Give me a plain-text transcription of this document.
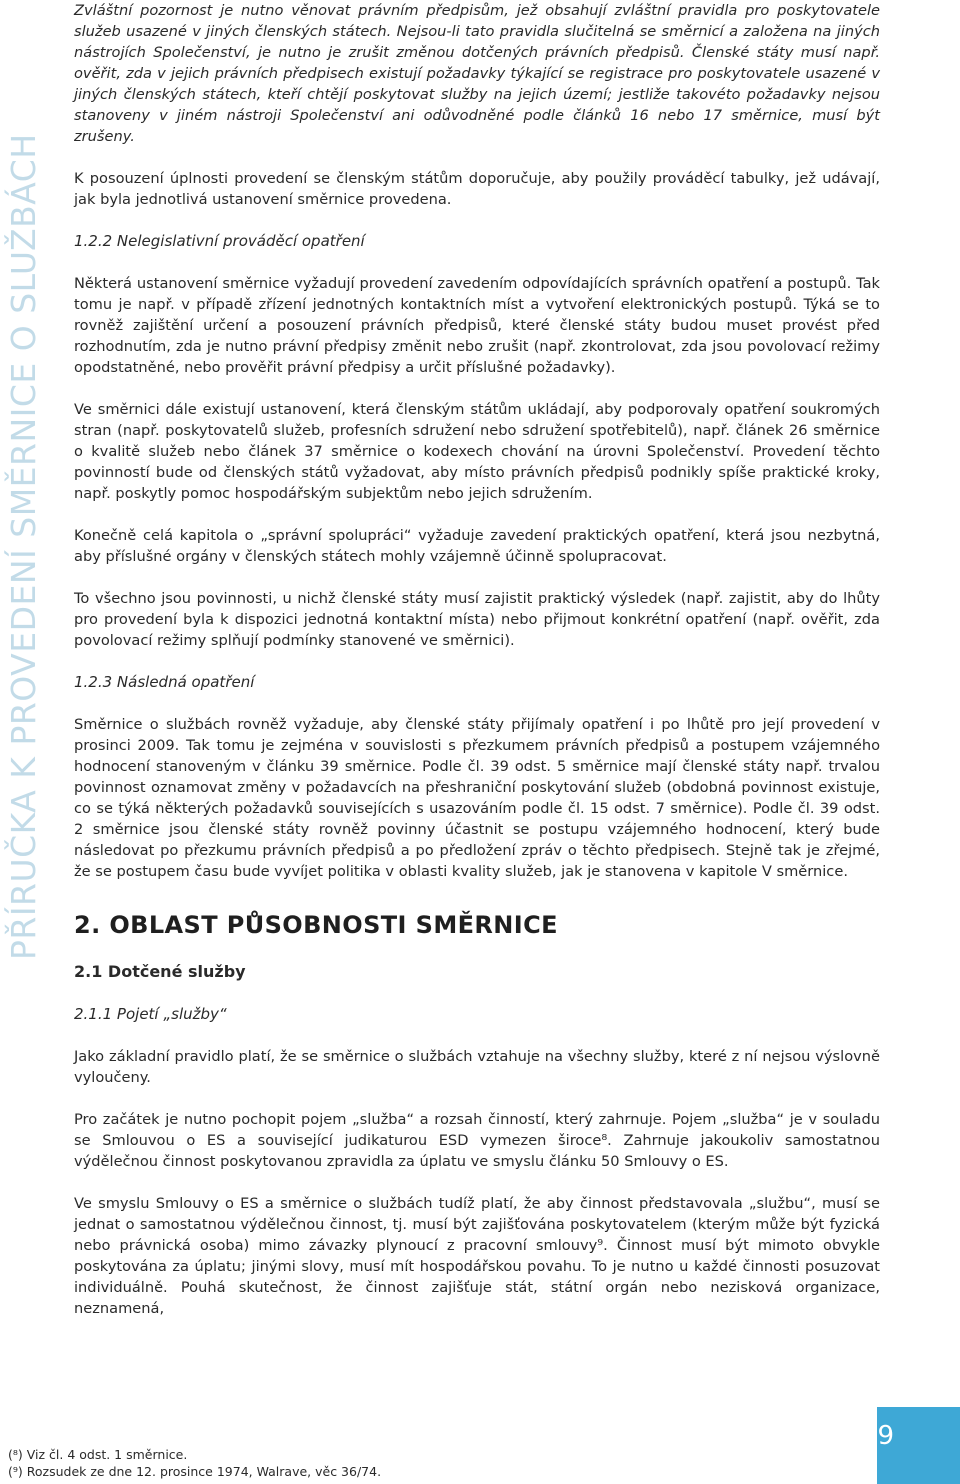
PŘÍRUČKA K PROVEDENÍ SMĚRNICE O SLUŽBÁCH

Zvláštní pozornost je nutno věnovat právním předpisům, jež obsahují zvláštní pravidla pro poskytovatele služeb usazené v jiných členských státech. Nejsou-li tato pravidla slučitelná se směrnicí a založena na jiných nástrojích Společenství, je nutno je zrušit změnou dotčených právních předpisů. Členské státy musí např. ověřit, zda v jejich právních předpisech existují požadavky týkající se registrace pro poskytovatele usazené v jiných členských státech, kteří chtějí poskytovat služby na jejich území; jestliže takovéto požadavky nejsou stanoveny v jiném nástroji Společenství ani odůvodněné podle článků 16 nebo 17 směrnice, musí být zrušeny.

K posouzení úplnosti provedení se členským státům doporučuje, aby použily prováděcí tabulky, jež udávají, jak byla jednotlivá ustanovení směrnice provedena.

1.2.2 Nelegislativní prováděcí opatření

Některá ustanovení směrnice vyžadují provedení zavedením odpovídajících správních opatření a postupů. Tak tomu je např. v případě zřízení jednotných kontaktních míst a vytvoření elektronických postupů. Týká se to rovněž zajištění určení a posouzení právních předpisů, které členské státy budou muset provést před rozhodnutím, zda je nutno právní předpisy změnit nebo zrušit (např. zkontrolovat, zda jsou povolovací režimy opodstatněné, nebo prověřit právní předpisy a určit příslušné požadavky).

Ve směrnici dále existují ustanovení, která členským státům ukládají, aby podporovaly opatření soukromých stran (např. poskytovatelů služeb, profesních sdružení nebo sdružení spotřebitelů), např. článek 26 směrnice o kvalitě služeb nebo článek 37 směrnice o kodexech chování na úrovni Společenství. Provedení těchto povinností bude od členských států vyžadovat, aby místo právních předpisů podnikly spíše praktické kroky, např. poskytly pomoc hospodářským subjektům nebo jejich sdružením.

Konečně celá kapitola o „správní spolupráci“ vyžaduje zavedení praktických opatření, která jsou nezbytná, aby příslušné orgány v členských státech mohly vzájemně účinně spolupracovat.

To všechno jsou povinnosti, u nichž členské státy musí zajistit praktický výsledek (např. zajistit, aby do lhůty pro provedení byla k dispozici jednotná kontaktní místa) nebo přijmout konkrétní opatření (např. ověřit, zda povolovací režimy splňují podmínky stanovené ve směrnici).

1.2.3 Následná opatření

Směrnice o službách rovněž vyžaduje, aby členské státy přijímaly opatření i po lhůtě pro její provedení v prosinci 2009. Tak tomu je zejména v souvislosti s přezkumem právních předpisů a postupem vzájemného hodnocení stanoveným v článku 39 směrnice. Podle čl. 39 odst. 5 směrnice mají členské státy např. trvalou povinnost oznamovat změny v požadavcích na přeshraniční poskytování služeb (obdobná povinnost existuje, co se týká některých požadavků souvisejících s usazováním podle čl. 15 odst. 7 směrnice). Podle čl. 39 odst. 2 směrnice jsou členské státy rovněž povinny účastnit se postupu vzájemného hodnocení, který bude následovat po přezkumu právních předpisů a po předložení zpráv o těchto předpisech. Stejně tak je zřejmé, že se postupem času bude vyvíjet politika v oblasti kvality služeb, jak je stanovena v kapitole V směrnice.

2. OBLAST PŮSOBNOSTI SMĚRNICE
2.1 Dotčené služby
2.1.1 Pojetí „služby“

Jako základní pravidlo platí, že se směrnice o službách vztahuje na všechny služby, které z ní nejsou výslovně vyloučeny.

Pro začátek je nutno pochopit pojem „služba“ a rozsah činností, který zahrnuje. Pojem „služba“ je v souladu se Smlouvou o ES a související judikaturou ESD vymezen široce⁸. Zahrnuje jakoukoliv samostatnou výdělečnou činnost poskytovanou zpravidla za úplatu ve smyslu článku 50 Smlouvy o ES.

Ve smyslu Smlouvy o ES a směrnice o službách tudíž platí, že aby činnost představovala „službu“, musí se jednat o samostatnou výdělečnou činnost, tj. musí být zajišťována poskytovatelem (kterým může být fyzická nebo právnická osoba) mimo závazky plynoucí z pracovní smlouvy⁹. Činnost musí být mimoto obvykle poskytována za úplatu; jinými slovy, musí mít hospodářskou povahu. To je nutno u každé činnosti posuzovat individuálně. Pouhá skutečnost, že činnost zajišťuje stát, státní orgán nebo nezisková organizace, neznamená,

(⁸) Viz čl. 4 odst. 1 směrnice.
(⁹) Rozsudek ze dne 12. prosince 1974, Walrave, věc 36/74.
9
